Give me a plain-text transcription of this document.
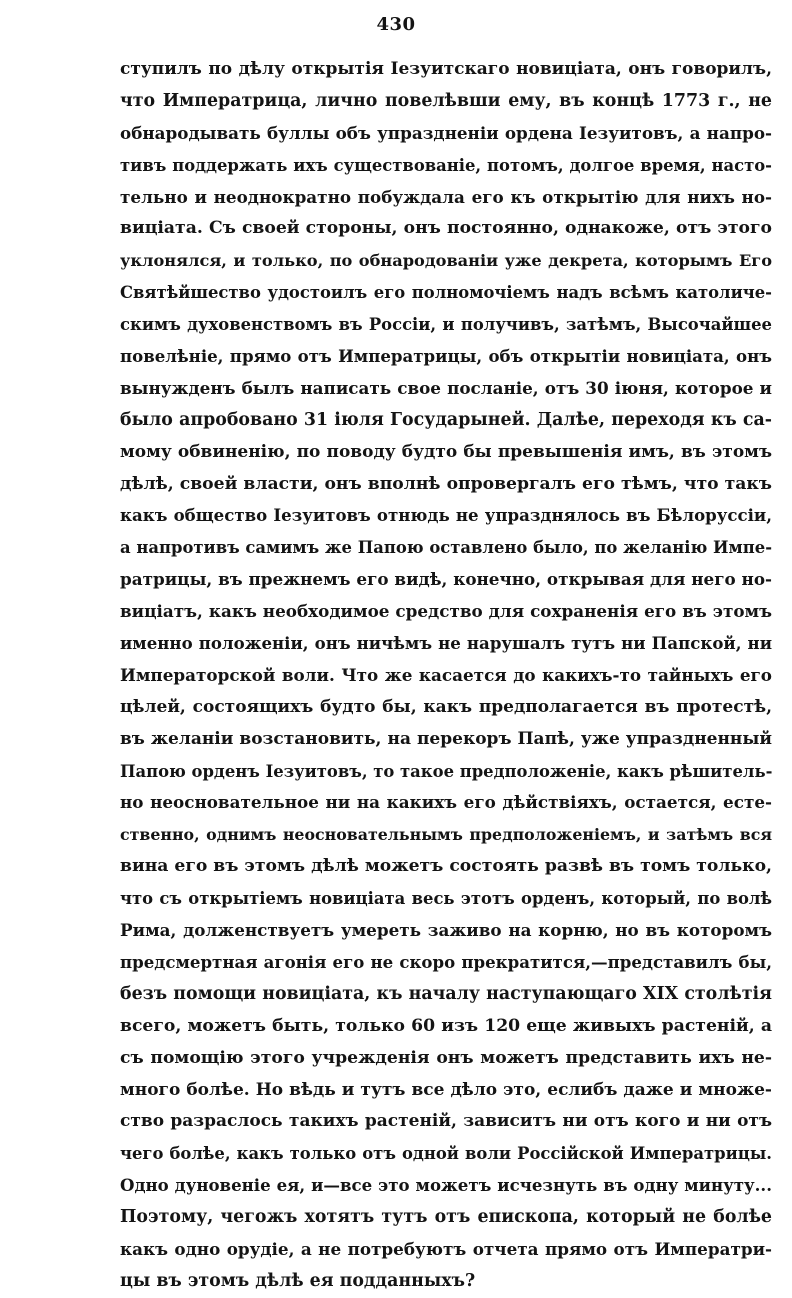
430
ступилъ по дѣлу открытія Іезуитскаго новиціата, онъ говорилъ,
что Императрица, лично повелѣвши ему, въ концѣ 1773 г., не
обнародывать буллы объ упраздненіи ордена Іезуитовъ, а напро-
тивъ поддержать ихъ существованіе, потомъ, долгое время, насто-
тельно и неоднократно побуждала его къ открытію для нихъ но-
виціата. Съ своей стороны, онъ постоянно, однакоже, отъ этого
уклонялся, и только, по обнародованіи уже декрета, которымъ Его
Святѣйшество удостоилъ его полномочіемъ надъ всѣмъ католиче-
скимъ духовенствомъ въ Россіи, и получивъ, затѣмъ, Высочайшее
повелѣніе, прямо отъ Императрицы, объ открытіи новиціата, онъ
вынужденъ былъ написать свое посланіе, отъ 30 іюня, которое и
было апробовано 31 іюля Государыней. Далѣе, переходя къ са-
мому обвиненію, по поводу будто бы превышенія имъ, въ этомъ
дѣлѣ, своей власти, онъ вполнѣ опровергалъ его тѣмъ, что такъ
какъ общество Іезуитовъ отнюдь не упразднялось въ Бѣлоруссіи,
а напротивъ самимъ же Папою оставлено было, по желанію Импе-
ратрицы, въ прежнемъ его видѣ, конечно, открывая для него но-
виціатъ, какъ необходимое средство для сохраненія его въ этомъ
именно положеніи, онъ ничѣмъ не нарушалъ тутъ ни Папской, ни
Императорской воли. Что же касается до какихъ-то тайныхъ его
цѣлей, состоящихъ будто бы, какъ предполагается въ протестѣ,
въ желаніи возстановить, на перекоръ Папѣ, уже упраздненный
Папою орденъ Іезуитовъ, то такое предположеніе, какъ рѣшитель-
но неосновательное ни на какихъ его дѣйствіяхъ, остается, есте-
ственно, однимъ неосновательнымъ предположеніемъ, и затѣмъ вся
вина его въ этомъ дѣлѣ можетъ состоять развѣ въ томъ только,
что съ открытіемъ новиціата весь этотъ орденъ, который, по волѣ
Рима, долженствуетъ умереть заживо на корню, но въ которомъ
предсмертная агонія его не скоро прекратится,—представилъ бы,
безъ помощи новиціата, къ началу наступающаго XIX столѣтія
всего, можетъ быть, только 60 изъ 120 еще живыхъ растеній, а
съ помощію этого учрежденія онъ можетъ представить ихъ не-
много болѣе. Но вѣдь и тутъ все дѣло это, еслибъ даже и множе-
ство разраслось такихъ растеній, зависитъ ни отъ кого и ни отъ
чего болѣе, какъ только отъ одной воли Россійской Императрицы.
Одно дуновеніе ея, и—все это можетъ исчезнуть въ одну минуту...
Поэтому, чегожъ хотятъ тутъ отъ епископа, который не болѣе
какъ одно орудіе, а не потребуютъ отчета прямо отъ Императри-
цы въ этомъ дѣлѣ ея подданныхъ?
